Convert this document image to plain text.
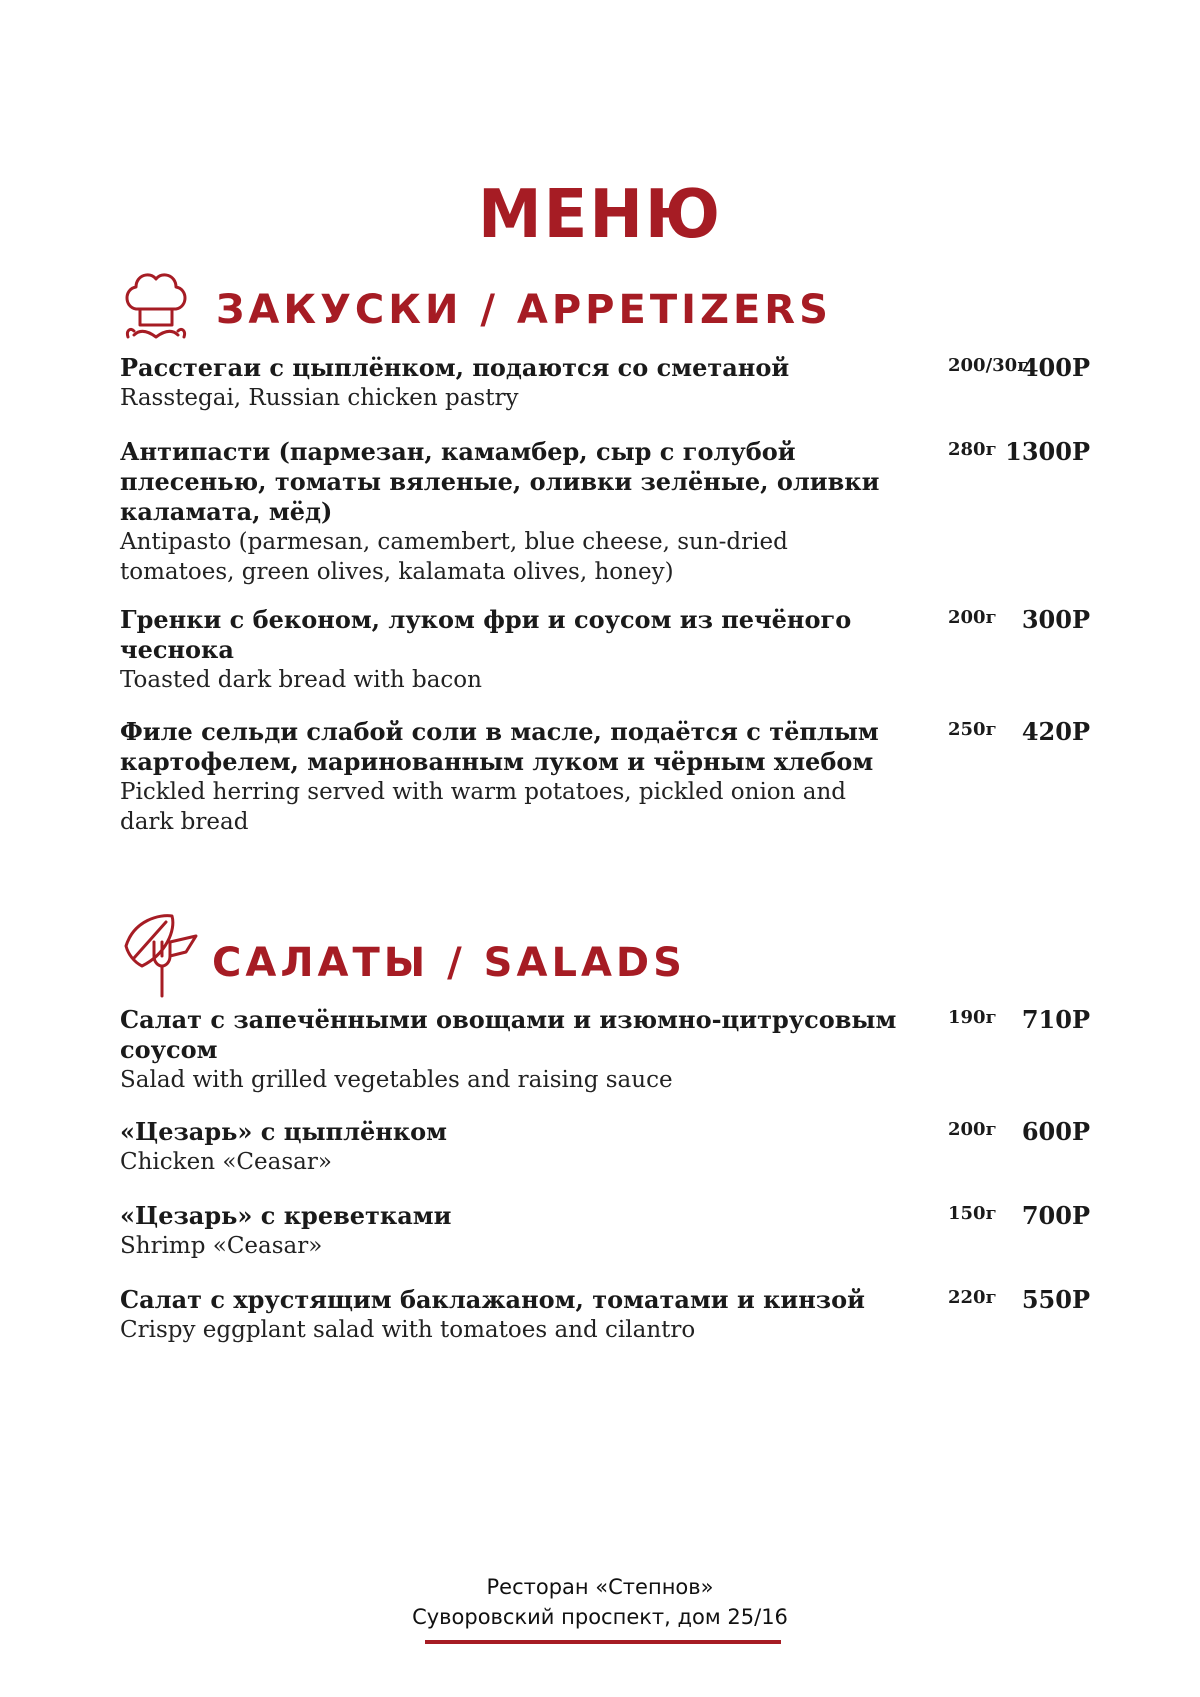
МЕНЮ
ЗАКУСКИ / APPETIZERS
Расстегаи с цыплёнком, подаются со сметаной
Rasstegai, Russian chicken pastry
200/30г
400Р
Антипасти (пармезан, камамбер, сыр с голубой плесенью, томаты вяленые, оливки зелёные, оливки каламата, мёд)
Antipasto (parmesan, camembert, blue cheese, sun-dried tomatoes, green olives, kalamata olives, honey)
280г 1300Р
Гренки с беконом, луком фри и соусом из печёного чеснока
Toasted dark bread with bacon
200г	300Р
Филе сельди слабой соли в масле, подаётся с тёплым картофелем, маринованным луком и чёрным хлебом
Pickled herring served with warm potatoes, pickled onion and dark bread
250г	420Р
САЛАТЫ / SALADS
Салат с запечёнными овощами и изюмно-цитрусовым соусом
Salad with grilled vegetables and raising sauce
190г	710Р
«Цезарь» с цыплёнком
Chicken «Ceasar»
200г	600Р
«Цезарь» с креветками
Shrimp «Ceasar»
150г	700Р
Салат с хрустящим баклажаном, томатами и кинзой
Crispy eggplant salad with tomatoes and cilantro
220г	550Р
Ресторан «Степнов»
Суворовский проспект, дом 25/16
